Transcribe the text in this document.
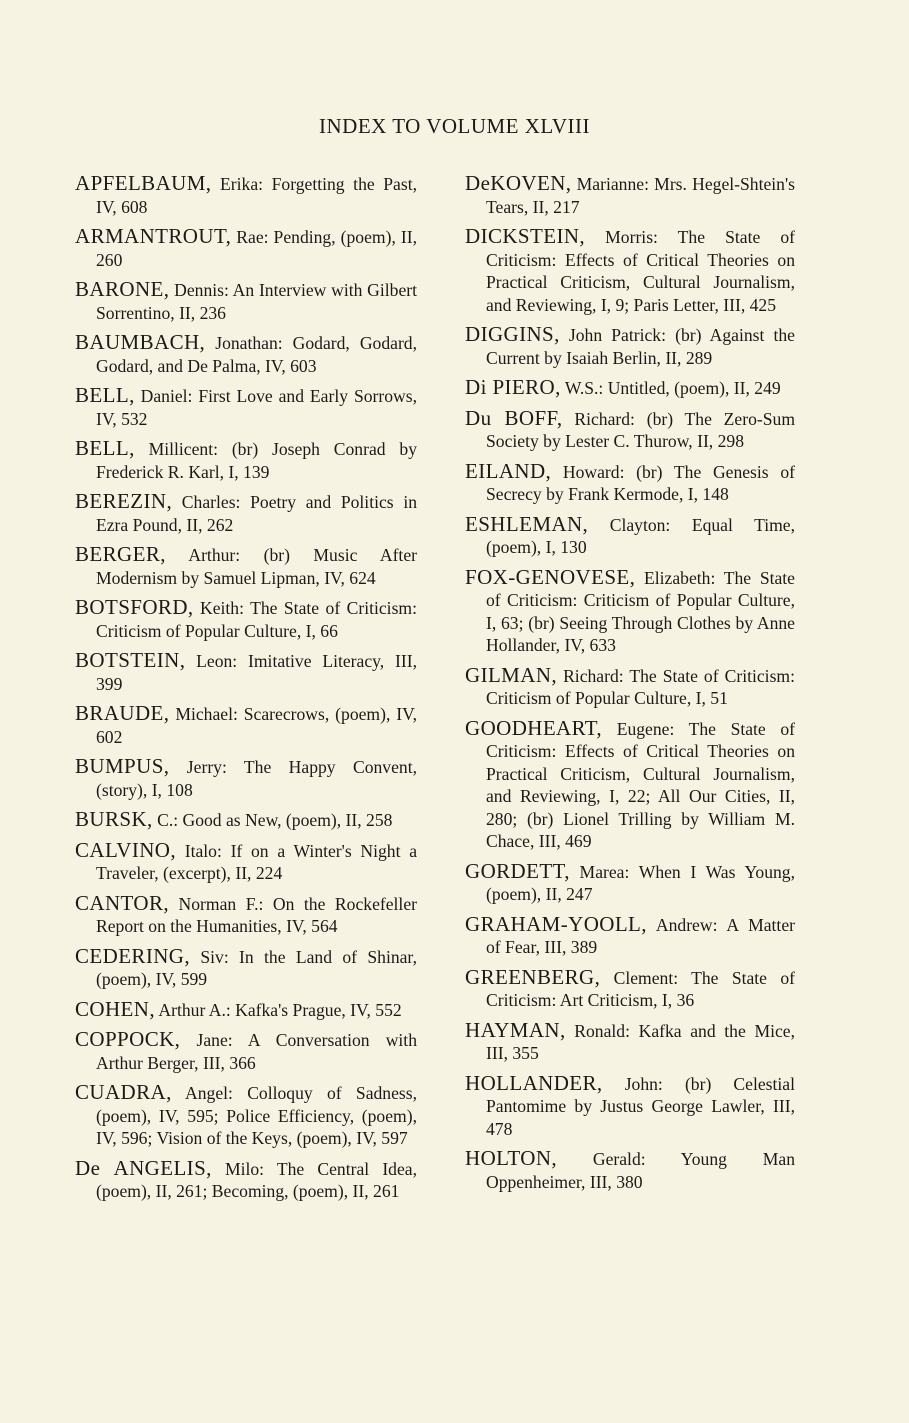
INDEX TO VOLUME XLVIII
APFELBAUM, Erika: Forgetting the Past, IV, 608
ARMANTROUT, Rae: Pending, (poem), II, 260
BARONE, Dennis: An Interview with Gilbert Sorrentino, II, 236
BAUMBACH, Jonathan: Godard, Godard, Godard, and De Palma, IV, 603
BELL, Daniel: First Love and Early Sorrows, IV, 532
BELL, Millicent: (br) Joseph Conrad by Frederick R. Karl, I, 139
BEREZIN, Charles: Poetry and Politics in Ezra Pound, II, 262
BERGER, Arthur: (br) Music After Modernism by Samuel Lipman, IV, 624
BOTSFORD, Keith: The State of Criticism: Criticism of Popular Culture, I, 66
BOTSTEIN, Leon: Imitative Literacy, III, 399
BRAUDE, Michael: Scarecrows, (poem), IV, 602
BUMPUS, Jerry: The Happy Convent, (story), I, 108
BURSK, C.: Good as New, (poem), II, 258
CALVINO, Italo: If on a Winter's Night a Traveler, (excerpt), II, 224
CANTOR, Norman F.: On the Rockefeller Report on the Humanities, IV, 564
CEDERING, Siv: In the Land of Shinar, (poem), IV, 599
COHEN, Arthur A.: Kafka's Prague, IV, 552
COPPOCK, Jane: A Conversation with Arthur Berger, III, 366
CUADRA, Angel: Colloquy of Sadness, (poem), IV, 595; Police Efficiency, (poem), IV, 596; Vision of the Keys, (poem), IV, 597
De ANGELIS, Milo: The Central Idea, (poem), II, 261; Becoming, (poem), II, 261
DeKOVEN, Marianne: Mrs. Hegel-Shtein's Tears, II, 217
DICKSTEIN, Morris: The State of Criticism: Effects of Critical Theories on Practical Criticism, Cultural Journalism, and Reviewing, I, 9; Paris Letter, III, 425
DIGGINS, John Patrick: (br) Against the Current by Isaiah Berlin, II, 289
Di PIERO, W.S.: Untitled, (poem), II, 249
Du BOFF, Richard: (br) The Zero-Sum Society by Lester C. Thurow, II, 298
EILAND, Howard: (br) The Genesis of Secrecy by Frank Kermode, I, 148
ESHLEMAN, Clayton: Equal Time, (poem), I, 130
FOX-GENOVESE, Elizabeth: The State of Criticism: Criticism of Popular Culture, I, 63; (br) Seeing Through Clothes by Anne Hollander, IV, 633
GILMAN, Richard: The State of Criticism: Criticism of Popular Culture, I, 51
GOODHEART, Eugene: The State of Criticism: Effects of Critical Theories on Practical Criticism, Cultural Journalism, and Reviewing, I, 22; All Our Cities, II, 280; (br) Lionel Trilling by William M. Chace, III, 469
GORDETT, Marea: When I Was Young, (poem), II, 247
GRAHAM-YOOLL, Andrew: A Matter of Fear, III, 389
GREENBERG, Clement: The State of Criticism: Art Criticism, I, 36
HAYMAN, Ronald: Kafka and the Mice, III, 355
HOLLANDER, John: (br) Celestial Pantomime by Justus George Lawler, III, 478
HOLTON, Gerald: Young Man Oppenheimer, III, 380
